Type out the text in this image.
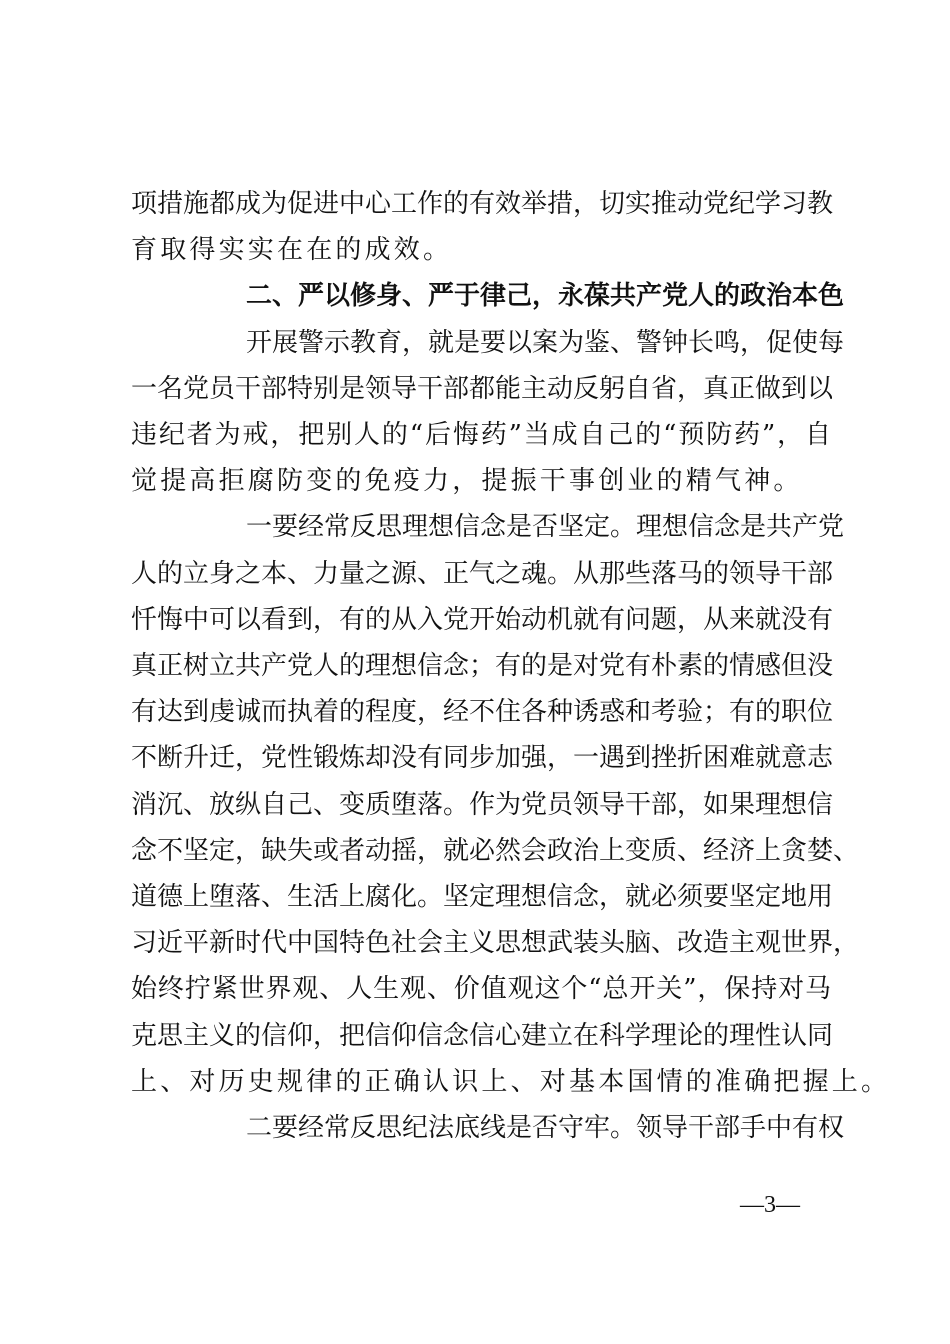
项措施都成为促进中心工作的有效举措，切实推动党纪学习教
育取得实实在在的成效。
二、严以修身、严于律己，永葆共产党人的政治本色
开展警示教育，就是要以案为鉴、警钟长鸣，促使每
一名党员干部特别是领导干部都能主动反躬自省，真正做到以
违纪者为戒，把别人的“后悔药”当成自己的“预防药”，自
觉提高拒腐防变的免疫力，提振干事创业的精气神。
一要经常反思理想信念是否坚定。理想信念是共产党
人的立身之本、力量之源、正气之魂。从那些落马的领导干部
忏悔中可以看到，有的从入党开始动机就有问题，从来就没有
真正树立共产党人的理想信念；有的是对党有朴素的情感但没
有达到虔诚而执着的程度，经不住各种诱惑和考验；有的职位
不断升迁，党性锻炼却没有同步加强，一遇到挫折困难就意志
消沉、放纵自己、变质堕落。作为党员领导干部，如果理想信
念不坚定，缺失或者动摇，就必然会政治上变质、经济上贪婪、
道德上堕落、生活上腐化。坚定理想信念，就必须要坚定地用
习近平新时代中国特色社会主义思想武装头脑、改造主观世界，
始终拧紧世界观、人生观、价值观这个“总开关”，保持对马
克思主义的信仰，把信仰信念信心建立在科学理论的理性认同
上、对历史规律的正确认识上、对基本国情的准确把握上。
二要经常反思纪法底线是否守牢。领导干部手中有权
—3—
